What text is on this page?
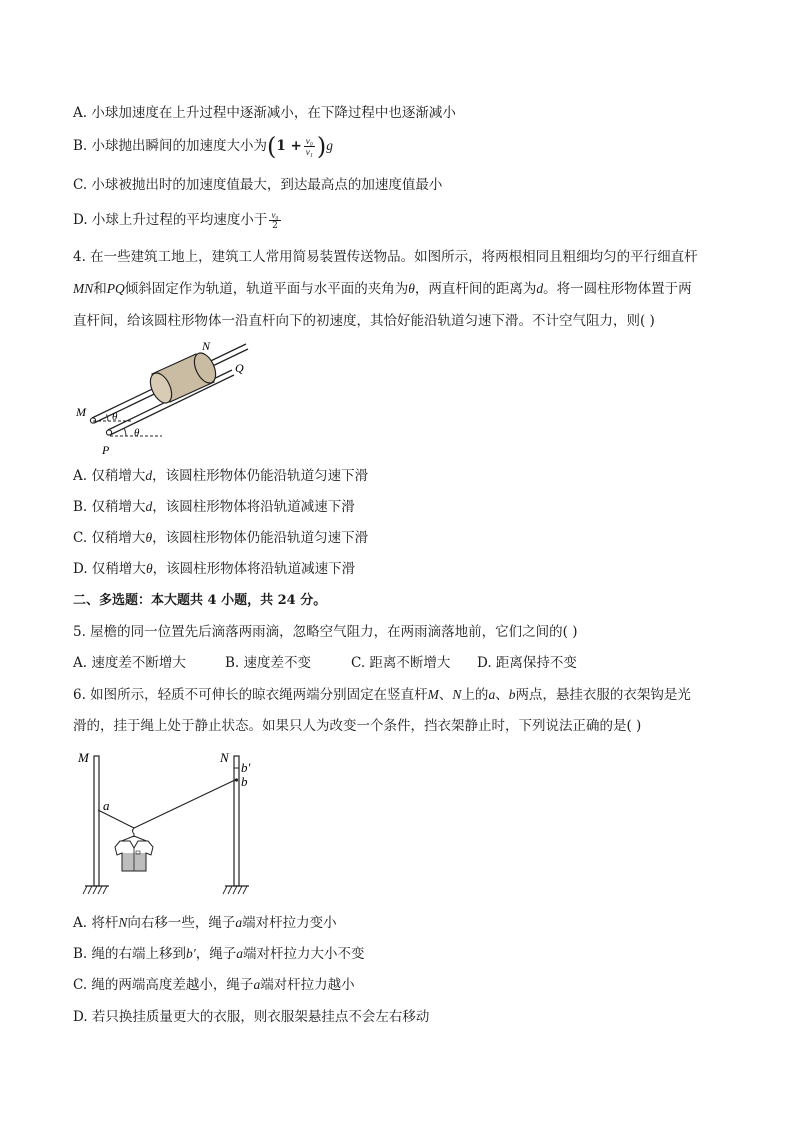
A. 小球加速度在上升过程中逐渐减小，在下降过程中也逐渐减小
B. 小球抛出瞬间的加速度大小为$(1 + \frac{\text{v₀}}{\text{v₁}} )g$
C. 小球被抛出时的加速度值最大，到达最高点的加速度值最小
D. 小球上升过程的平均速度小于 $\frac{\text{v₀}}{2}$
4. 在一些建筑工地上，建筑工人常用简易装置传送物品。如图所示，将两根相同且粗细均匀的平行细直杆
MN和PQ倾斜固定作为轨道，轨道平面与水平面的夹角为θ，两直杆间的距离为d。将一圆柱形物体置于两
直杆间，给该圆柱形物体一沿直杆向下的初速度，其恰好能沿轨道匀速下滑。不计空气阻力，则( )
N
Q
M
P
θ
θ
A. 仅稍增大d，该圆柱形物体仍能沿轨道匀速下滑
B. 仅稍增大d，该圆柱形物体将沿轨道减速下滑
C. 仅稍增大θ，该圆柱形物体仍能沿轨道匀速下滑
D. 仅稍增大θ，该圆柱形物体将沿轨道减速下滑
二、多选题：本大题共 4 小题，共 24 分。
5. 屋檐的同一位置先后滴落两雨滴，忽略空气阻力，在两雨滴落地前，它们之间的( )
A. 速度差不断增大	B. 速度差不变	C. 距离不断增大 D. 距离保持不变
6. 如图所示，轻质不可伸长的晾衣绳两端分别固定在竖直杆M、N上的a、b两点，悬挂衣服的衣架钩是光
滑的，挂于绳上处于静止状态。如果只人为改变一个条件，挡衣架静止时，下列说法正确的是( )
M	N
a
b
b′
A. 将杆N向右移一些，绳子a端对杆拉力变小
B. 绳的右端上移到b′，绳子a端对杆拉力大小不变
C. 绳的两端高度差越小，绳子a端对杆拉力越小
D. 若只换挂质量更大的衣服，则衣服架悬挂点不会左右移动
